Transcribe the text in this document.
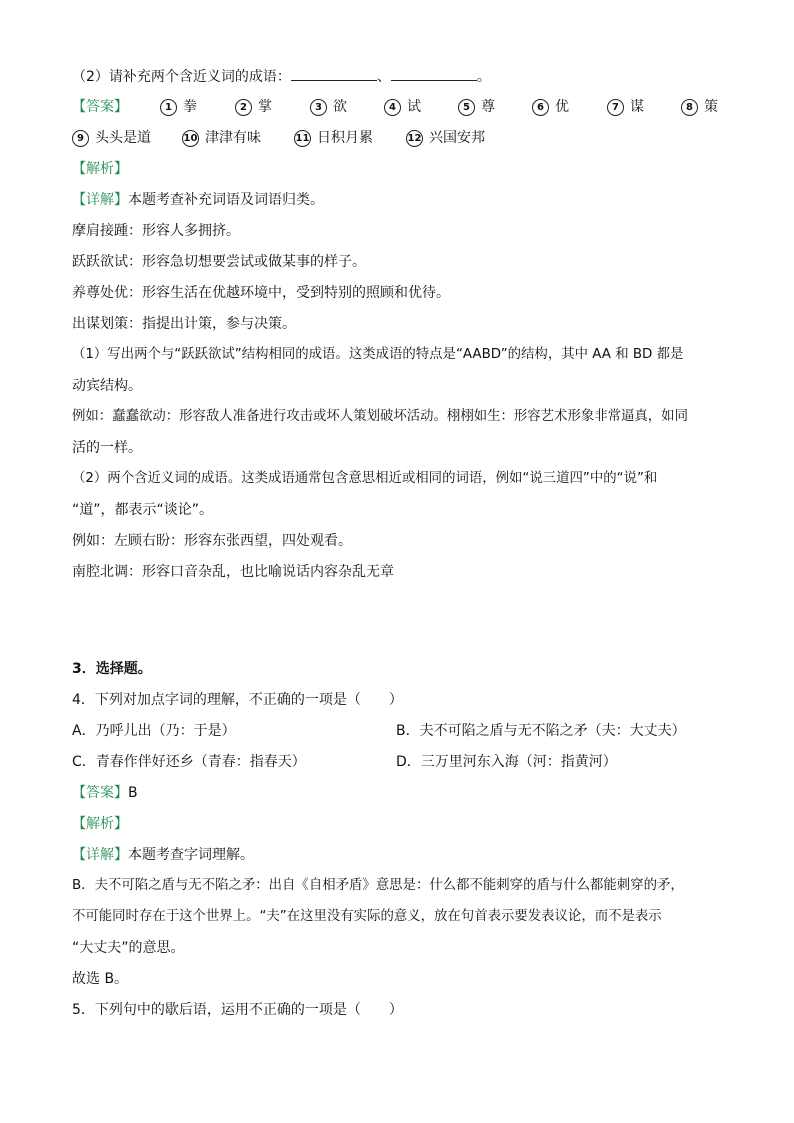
（2）请补充两个含近义词的成语：	、	。
【答案】	1 拳	2 掌	3 欲	4 试	5 尊	6 优	7 谋	8 策
9 头头是道	10 津津有味	11 日积月累	12 兴国安邦
【解析】
【详解】本题考查补充词语及词语归类。
摩肩接踵：形容人多拥挤。
跃跃欲试：形容急切想要尝试或做某事的样子。
养尊处优：形容生活在优越环境中，受到特别的照顾和优待。
出谋划策：指提出计策，参与决策。
（1）写出两个与“跃跃欲试”结构相同的成语。这类成语的特点是“AABD”的结构，其中 AA 和 BD 都是
动宾结构。
例如：蠢蠢欲动：形容敌人准备进行攻击或坏人策划破坏活动。栩栩如生：形容艺术形象非常逼真，如同
活的一样。
（2）两个含近义词的成语。这类成语通常包含意思相近或相同的词语，例如“说三道四”中的“说”和
“道”，都表示“谈论”。
例如：左顾右盼：形容东张西望，四处观看。
南腔北调：形容口音杂乱，也比喻说话内容杂乱无章
3．选择题。
4．下列对加点字词的理解，不正确的一项是（　　）
A．乃呼儿出（乃：于是）	B．夫不可陷之盾与无不陷之矛（夫：大丈夫）
C．青春作伴好还乡（青春：指春天）	D．三万里河东入海（河：指黄河）
【答案】B
【解析】
【详解】本题考查字词理解。
B．夫不可陷之盾与无不陷之矛：出自《自相矛盾》意思是：什么都不能刺穿的盾与什么都能刺穿的矛，
不可能同时存在于这个世界上。“夫”在这里没有实际的意义，放在句首表示要发表议论，而不是表示
“大丈夫”的意思。
故选 B。
5．下列句中的歇后语，运用不正确的一项是（　　）
